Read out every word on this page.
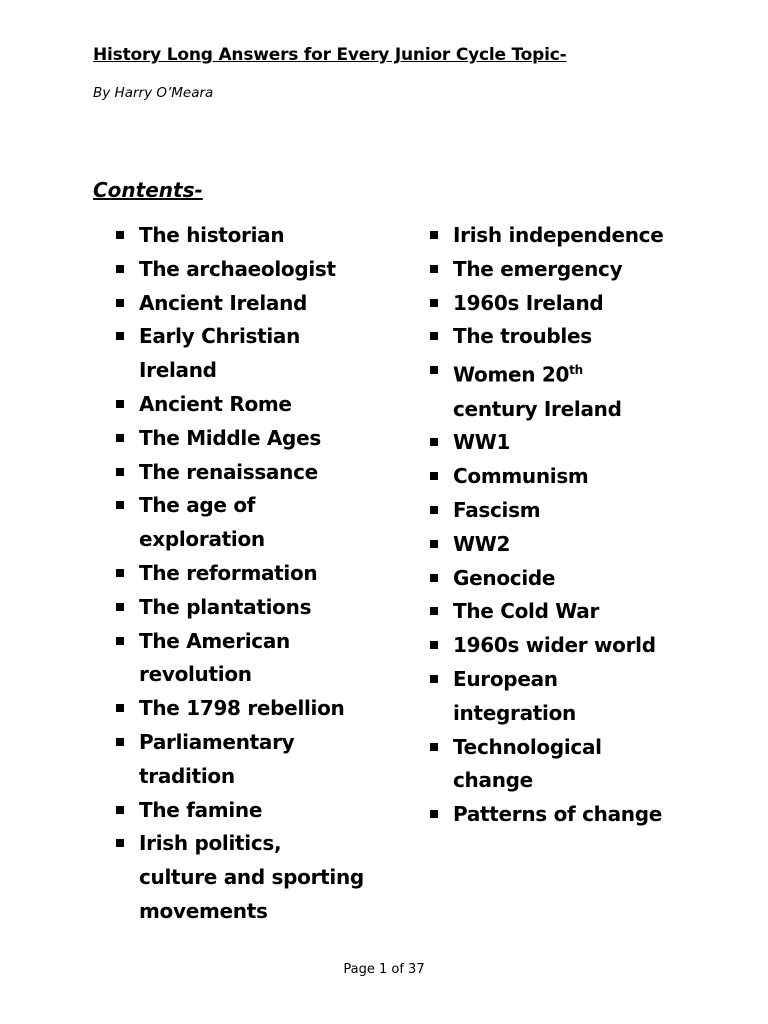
History Long Answers for Every Junior Cycle Topic-

By Harry O’Meara

Contents-
The historian
The archaeologist
Ancient Ireland
Early Christian
Ireland
Ancient Rome
The Middle Ages
The renaissance
The age of
exploration
The reformation
The plantations
The American
revolution
The 1798 rebellion
Parliamentary
tradition
The famine
Irish politics,
culture and sporting
movements
Irish independence
The emergency
1960s Ireland
The troubles
Women 20th
century Ireland
WW1
Communism
Fascism
WW2
Genocide
The Cold War
1960s wider world
European
integration
Technological
change
Patterns of change

Page 1 of 37
